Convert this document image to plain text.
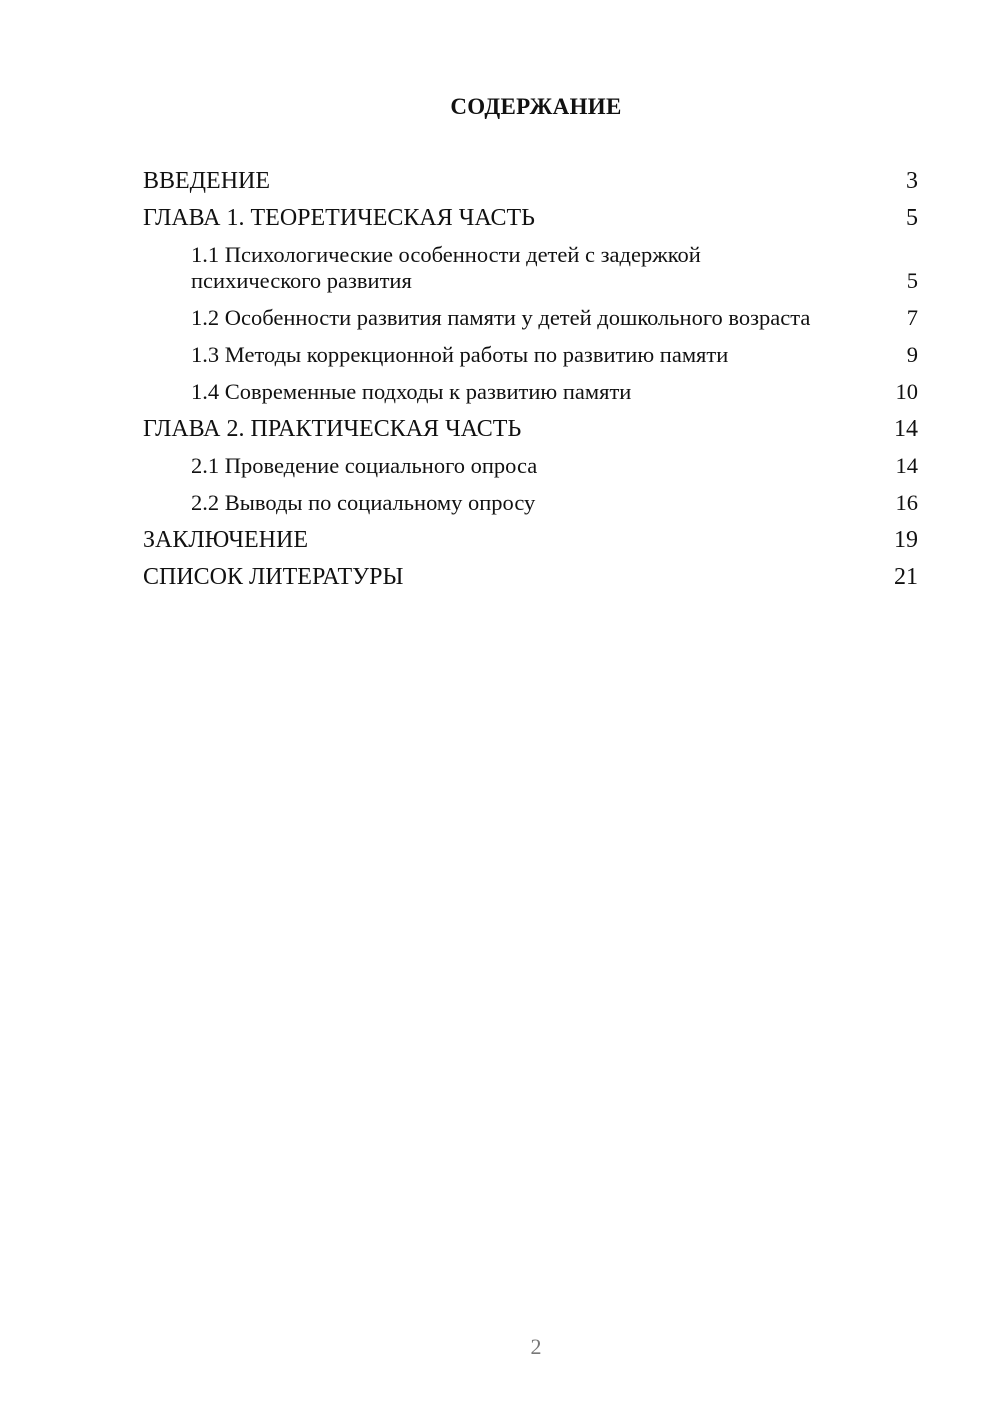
СОДЕРЖАНИЕ
ВВЕДЕНИЕ	3
ГЛАВА 1. ТЕОРЕТИЧЕСКАЯ ЧАСТЬ	5
1.1 Психологические особенности детей с задержкой психического развития	5
1.2 Особенности развития памяти у детей дошкольного возраста	7
1.3 Методы коррекционной работы по развитию памяти	9
1.4 Современные подходы к развитию памяти	10
ГЛАВА 2. ПРАКТИЧЕСКАЯ ЧАСТЬ	14
2.1 Проведение социального опроса	14
2.2 Выводы по социальному опросу	16
ЗАКЛЮЧЕНИЕ	19
СПИСОК ЛИТЕРАТУРЫ	21
2
